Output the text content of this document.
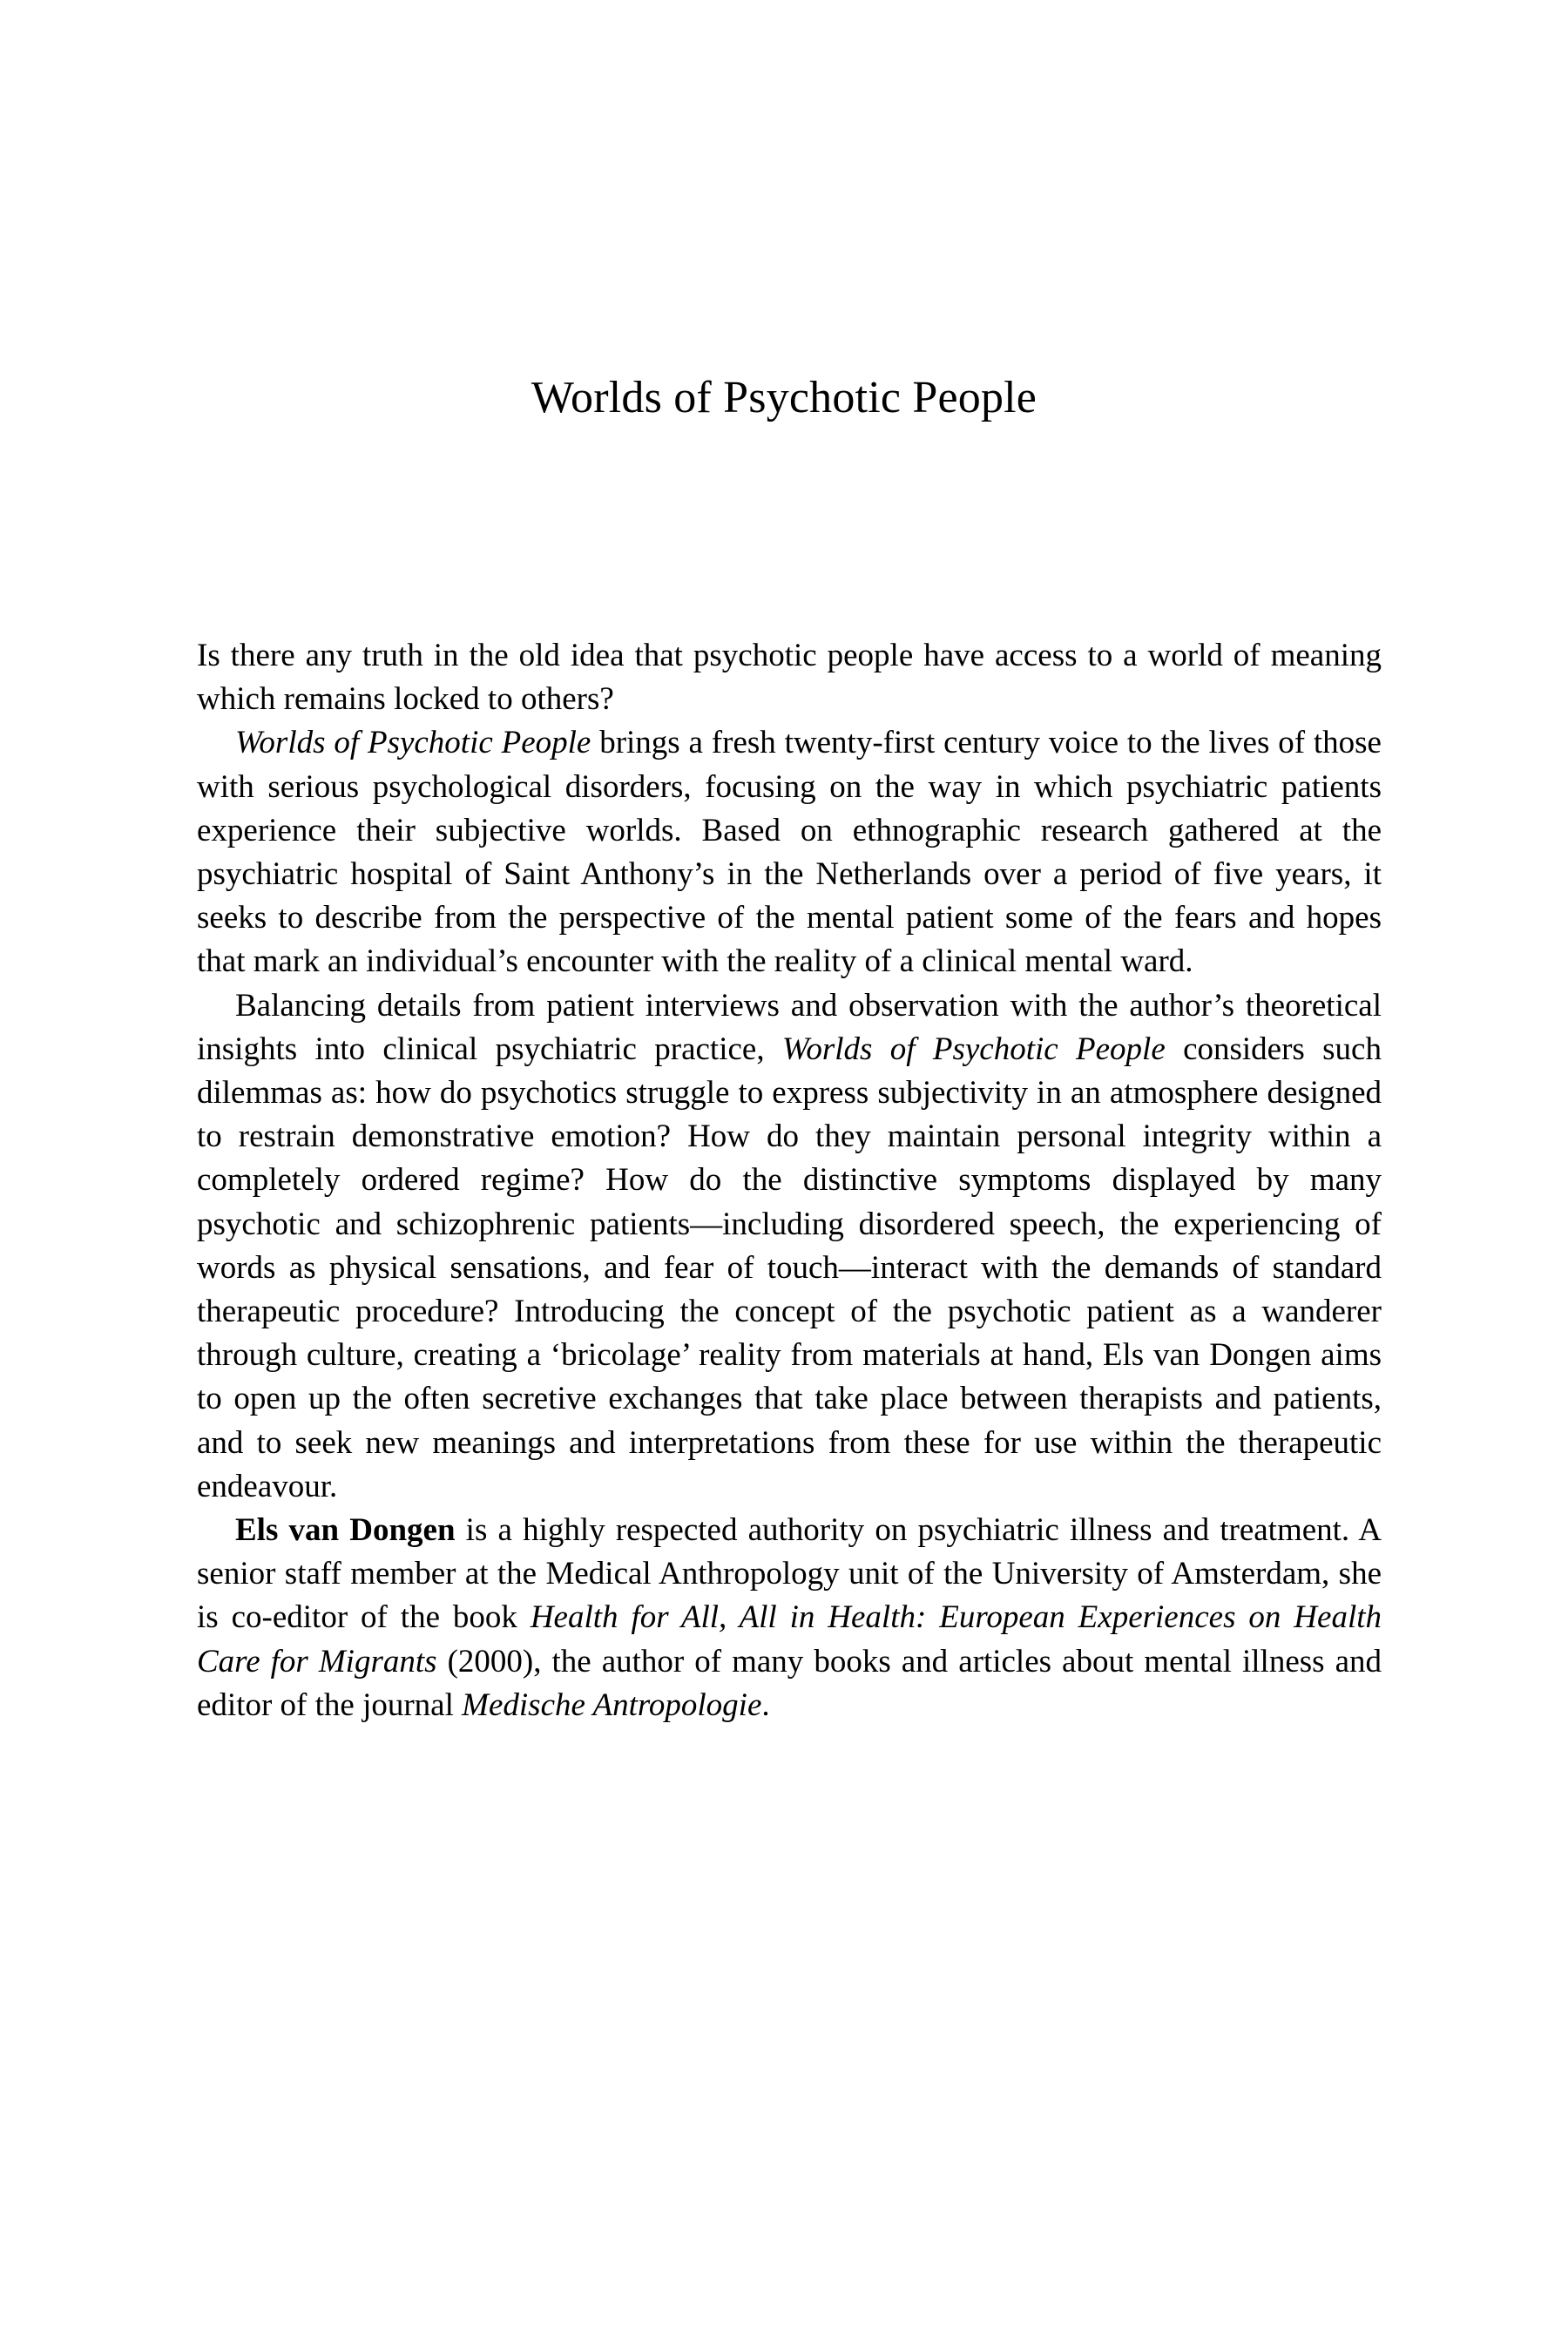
Worlds of Psychotic People

Is there any truth in the old idea that psychotic people have access to a world of meaning which remains locked to others?

Worlds of Psychotic People brings a fresh twenty-first century voice to the lives of those with serious psychological disorders, focusing on the way in which psychiatric patients experience their subjective worlds. Based on ethnographic research gathered at the psychiatric hospital of Saint Anthony’s in the Netherlands over a period of five years, it seeks to describe from the perspective of the mental patient some of the fears and hopes that mark an individual’s encounter with the reality of a clinical mental ward.

Balancing details from patient interviews and observation with the author’s theoretical insights into clinical psychiatric practice, Worlds of Psychotic People considers such dilemmas as: how do psychotics struggle to express subjectivity in an atmosphere designed to restrain demonstrative emotion? How do they maintain personal integrity within a completely ordered regime? How do the distinctive symptoms displayed by many psychotic and schizophrenic patients—including disordered speech, the experiencing of words as physical sensations, and fear of touch—interact with the demands of standard therapeutic procedure? Introducing the concept of the psychotic patient as a wanderer through culture, creating a ‘bricolage’ reality from materials at hand, Els van Dongen aims to open up the often secretive exchanges that take place between therapists and patients, and to seek new meanings and interpretations from these for use within the therapeutic endeavour.

Els van Dongen is a highly respected authority on psychiatric illness and treatment. A senior staff member at the Medical Anthropology unit of the University of Amsterdam, she is co-editor of the book Health for All, All in Health: European Experiences on Health Care for Migrants (2000), the author of many books and articles about mental illness and editor of the journal Medische Antropologie.
